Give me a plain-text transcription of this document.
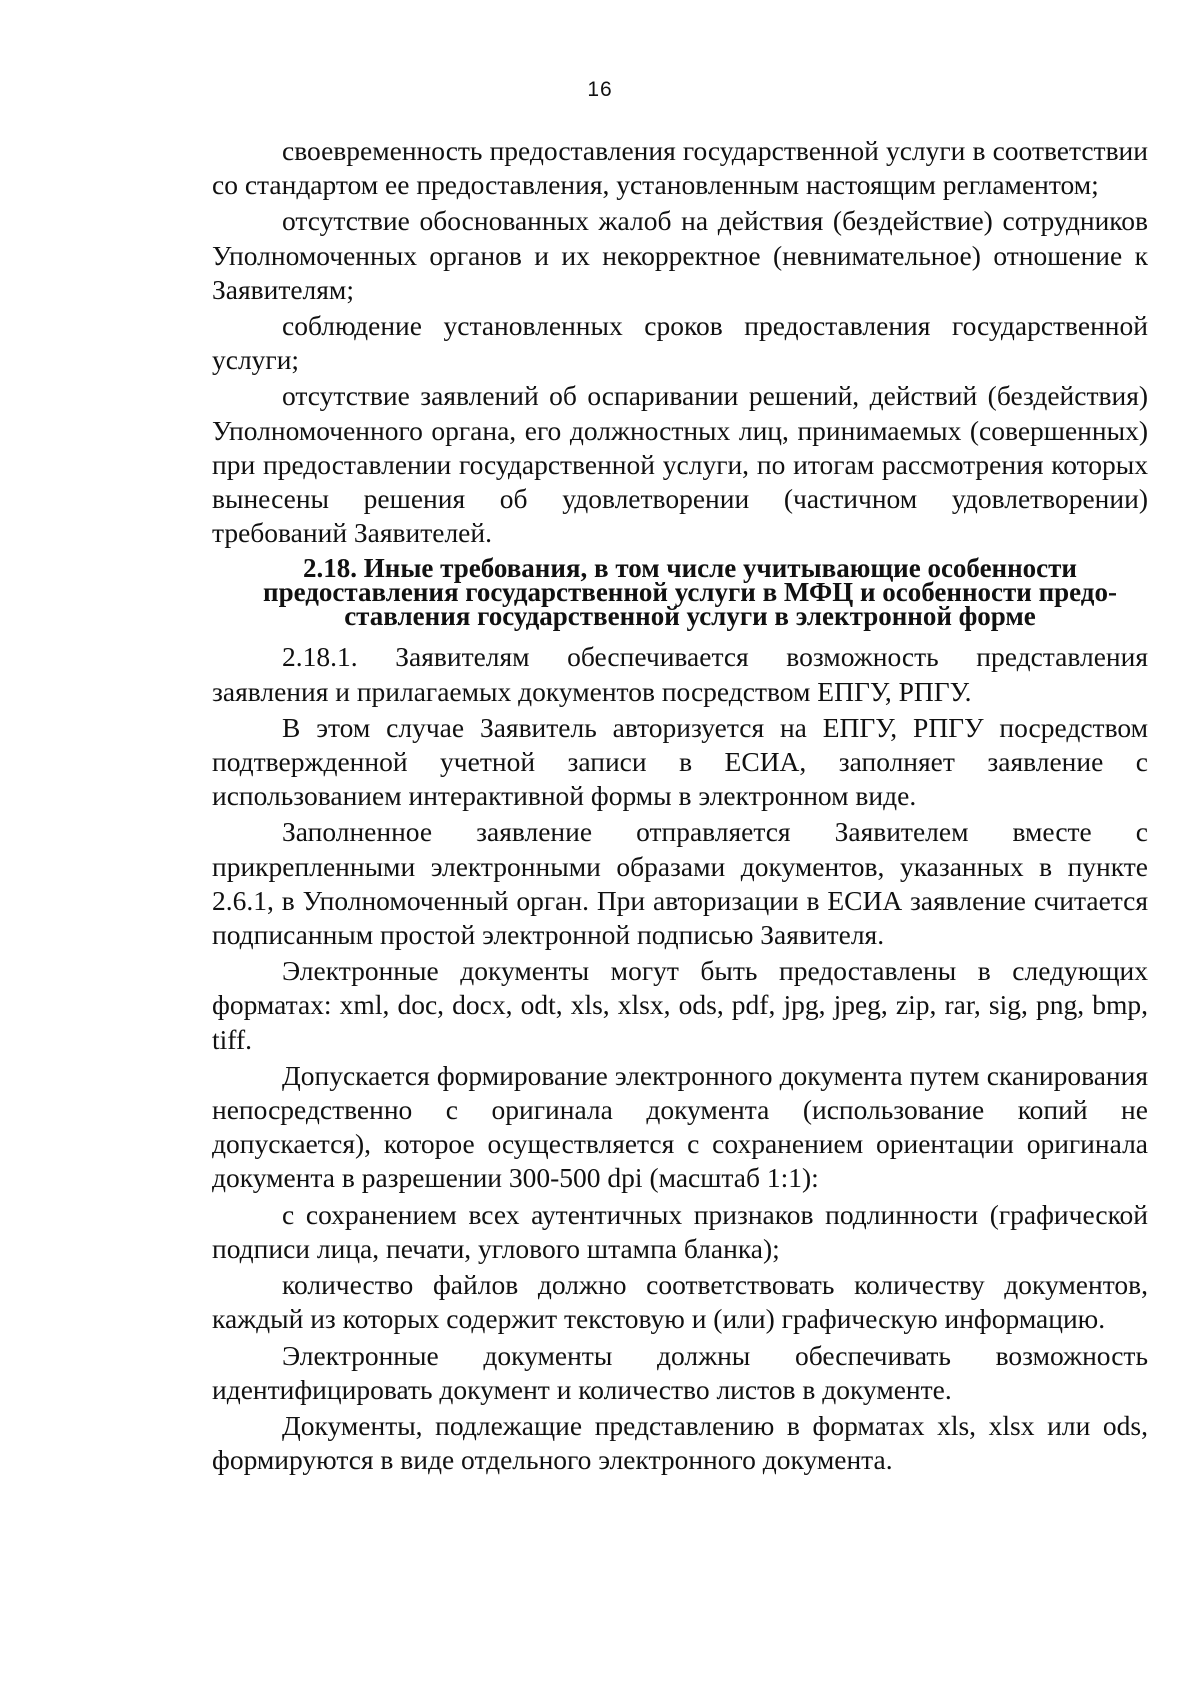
16

своевременность предоставления государственной услуги в соответствии со стандартом ее предоставления, установленным настоящим регламентом;

отсутствие обоснованных жалоб на действия (бездействие) сотрудников Уполномоченных органов и их некорректное (невнимательное) отношение к Заявителям;

соблюдение установленных сроков предоставления государственной услуги;

отсутствие заявлений об оспаривании решений, действий (бездействия) Уполномоченного органа, его должностных лиц, принимаемых (совершенных) при предоставлении государственной услуги, по итогам рассмотрения которых вынесены решения об удовлетворении (частичном удовлетворении) требований Заявителей.

2.18. Иные требования, в том числе учитывающие особенности
предоставления государственной услуги в МФЦ и особенности предо-
ставления государственной услуги в электронной форме

2.18.1. Заявителям обеспечивается возможность представления заявления и прилагаемых документов посредством ЕПГУ, РПГУ.

В этом случае Заявитель авторизуется на ЕПГУ, РПГУ посредством подтвержденной учетной записи в ЕСИА, заполняет заявление с использованием интерактивной формы в электронном виде.

Заполненное заявление отправляется Заявителем вместе с прикрепленными электронными образами документов, указанных в пункте 2.6.1, в Уполномоченный орган. При авторизации в ЕСИА заявление считается подписанным простой электронной подписью Заявителя.

Электронные документы могут быть предоставлены в следующих форматах: xml, doc, docx, odt, xls, xlsx, ods, pdf, jpg, jpeg, zip, rar, sig, png, bmp, tiff.

Допускается формирование электронного документа путем сканирования непосредственно с оригинала документа (использование копий не допускается), которое осуществляется с сохранением ориентации оригинала документа в разрешении 300-500 dpi (масштаб 1:1):

с сохранением всех аутентичных признаков подлинности (графической подписи лица, печати, углового штампа бланка);

количество файлов должно соответствовать количеству документов, каждый из которых содержит текстовую и (или) графическую информацию.

Электронные документы должны обеспечивать возможность идентифицировать документ и количество листов в документе.

Документы, подлежащие представлению в форматах xls, xlsx или ods, формируются в виде отдельного электронного документа.
